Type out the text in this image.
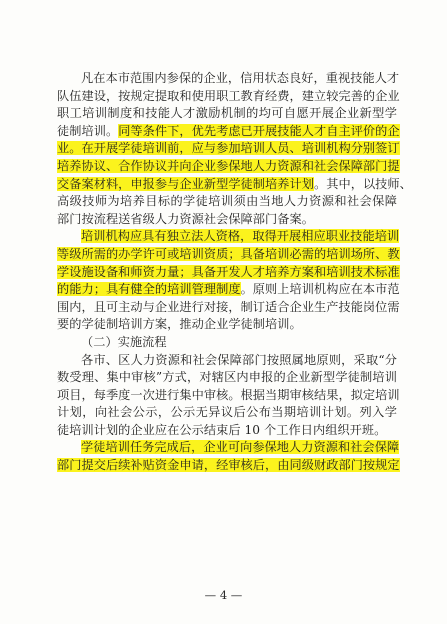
凡在本市范围内参保的企业，信用状态良好，重视技能人才
队伍建设，按规定提取和使用职工教育经费，建立较完善的企业
职工培训制度和技能人才激励机制的均可自愿开展企业新型学
徒制培训。同等条件下，优先考虑已开展技能人才自主评价的企
业。在开展学徒培训前，应与参加培训人员、培训机构分别签订
培养协议、合作协议并向企业参保地人力资源和社会保障部门提
交备案材料，申报参与企业新型学徒制培养计划。其中，以技师、
高级技师为培养目标的学徒培训须由当地人力资源和社会保障
部门按流程送省级人力资源社会保障部门备案。
培训机构应具有独立法人资格，取得开展相应职业技能培训
等级所需的办学许可或培训资质；具备培训必需的培训场所、教
学设施设备和师资力量；具备开发人才培养方案和培训技术标准
的能力；具有健全的培训管理制度。原则上培训机构应在本市范
围内，且可主动与企业进行对接，制订适合企业生产技能岗位需
要的学徒制培训方案，推动企业学徒制培训。
（二）实施流程
各市、区人力资源和社会保障部门按照属地原则，采取“分
数受理、集中审核”方式，对辖区内申报的企业新型学徒制培训
项目，每季度一次进行集中审核。根据当期审核结果，拟定培训
计划，向社会公示，公示无异议后公布当期培训计划。列入学
徒培训计划的企业应在公示结束后 10 个工作日内组织开班。
学徒培训任务完成后，企业可向参保地人力资源和社会保障
部门提交后续补贴资金申请，经审核后，由同级财政部门按规定
— 4 —
